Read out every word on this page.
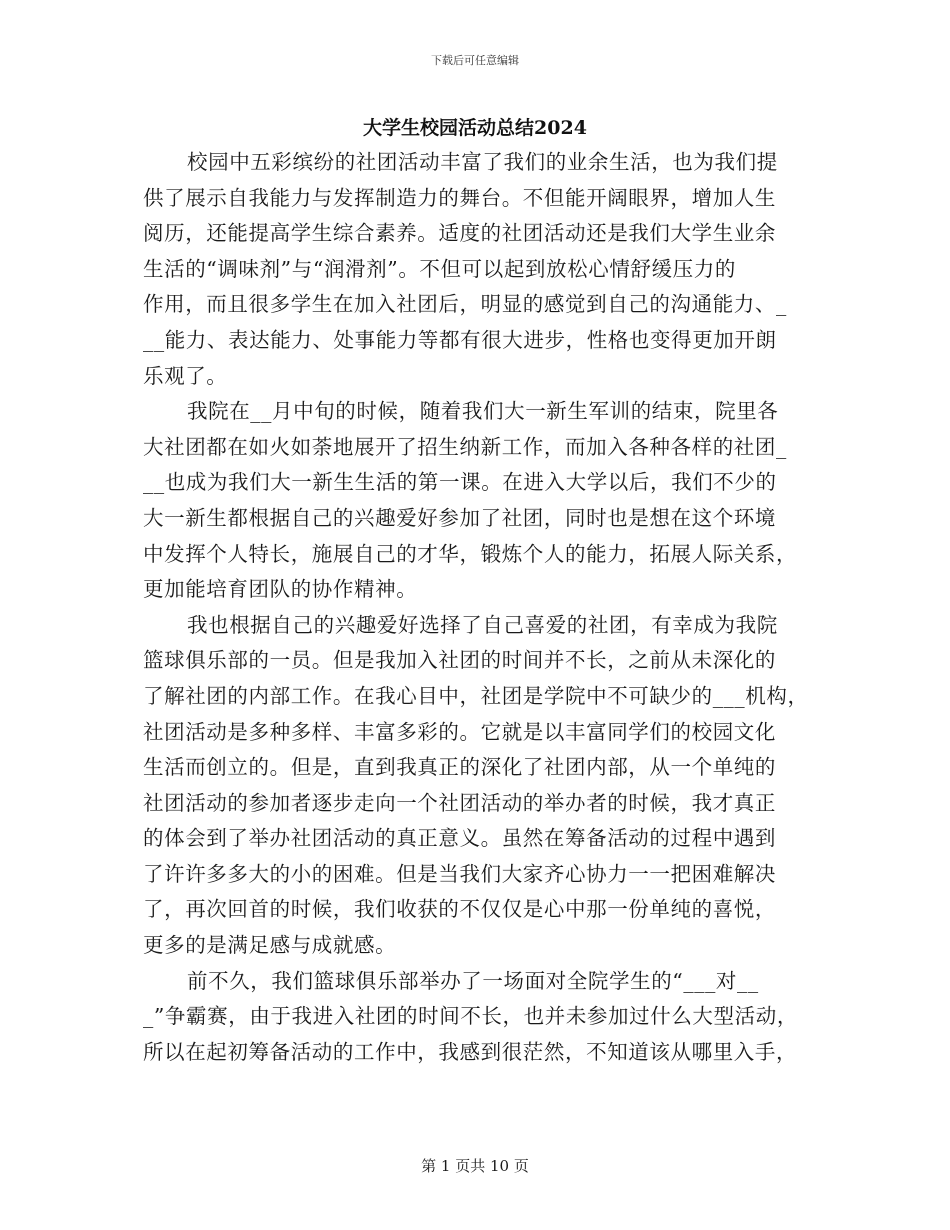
下载后可任意编辑
大学生校园活动总结2024
校园中五彩缤纷的社团活动丰富了我们的业余生活，也为我们提
供了展示自我能力与发挥制造力的舞台。不但能开阔眼界，增加人生
阅历，还能提高学生综合素养。适度的社团活动还是我们大学生业余
生活的“调味剂”与“润滑剂”。不但可以起到放松心情舒缓压力的
作用，而且很多学生在加入社团后，明显的感觉到自己的沟通能力、_
__能力、表达能力、处事能力等都有很大进步，性格也变得更加开朗
乐观了。
我院在__月中旬的时候，随着我们大一新生军训的结束，院里各
大社团都在如火如荼地展开了招生纳新工作，而加入各种各样的社团_
__也成为我们大一新生生活的第一课。在进入大学以后，我们不少的
大一新生都根据自己的兴趣爱好参加了社团，同时也是想在这个环境
中发挥个人特长，施展自己的才华，锻炼个人的能力，拓展人际关系，
更加能培育团队的协作精神。
我也根据自己的兴趣爱好选择了自己喜爱的社团，有幸成为我院
篮球俱乐部的一员。但是我加入社团的时间并不长，之前从未深化的
了解社团的内部工作。在我心目中，社团是学院中不可缺少的___机构，
社团活动是多种多样、丰富多彩的。它就是以丰富同学们的校园文化
生活而创立的。但是，直到我真正的深化了社团内部，从一个单纯的
社团活动的参加者逐步走向一个社团活动的举办者的时候，我才真正
的体会到了举办社团活动的真正意义。虽然在筹备活动的过程中遇到
了许许多多大的小的困难。但是当我们大家齐心协力一一把困难解决
了，再次回首的时候，我们收获的不仅仅是心中那一份单纯的喜悦，
更多的是满足感与成就感。
前不久，我们篮球俱乐部举办了一场面对全院学生的“___对__
_”争霸赛，由于我进入社团的时间不长，也并未参加过什么大型活动，
所以在起初筹备活动的工作中，我感到很茫然，不知道该从哪里入手，
第 1 页共 10 页
